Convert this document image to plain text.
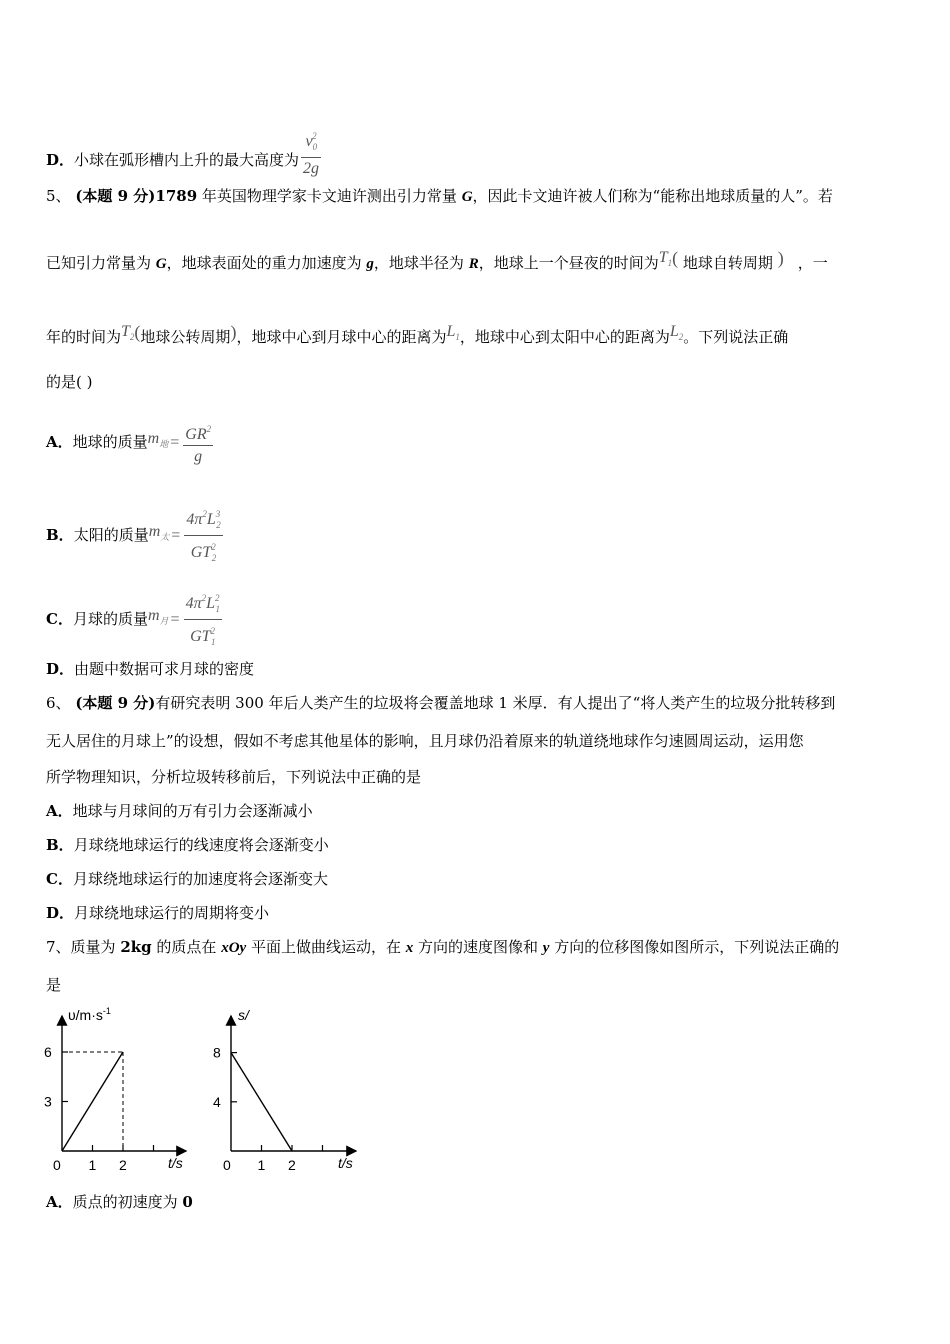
D．小球在弧形槽内上升的最大高度为 $\frac{v_0^2}{2g}$
5、 (本题 9 分)1789 年英国物理学家卡文迪许测出引力常量 G，因此卡文迪许被人们称为“能称出地球质量的人”。若
已知引力常量为 G，地球表面处的重力加速度为 g，地球半径为 R，地球上一个昼夜的时间为$T_1$( 地球自转周期 ) ，一
年的时间为$T_2$(地球公转周期)，地球中心到月球中心的距离为$L_1$，地球中心到太阳中心的距离为$L_2$。下列说法正确
的是( )
A．地球的质量$m_地 = \frac{GR^2}{g}$
B．太阳的质量$m_太 = \frac{4\pi^2L^3_2}{GT^2_2}$
C．月球的质量$m_月 = \frac{4\pi^2L^2_1}{GT^2_1}$
D．由题中数据可求月球的密度
6、 (本题 9 分)有研究表明 300 年后人类产生的垃圾将会覆盖地球 1 米厚．有人提出了“将人类产生的垃圾分批转移到
无人居住的月球上”的设想，假如不考虑其他星体的影响，且月球仍沿着原来的轨道绕地球作匀速圆周运动，运用您
所学物理知识，分析垃圾转移前后，下列说法中正确的是
A．地球与月球间的万有引力会逐渐减小
B．月球绕地球运行的线速度将会逐渐变小
C．月球绕地球运行的加速度将会逐渐变大
D．月球绕地球运行的周期将变小
7、质量为 2kg 的质点在 xOy 平面上做曲线运动，在 x 方向的速度图像和 y 方向的位移图像如图所示，下列说法正确的
是
1 2
3
6
$\upsilon/m\cdot s^{-1}$
t/s
0	1 2
4
8
s/
t/s
0
A．质点的初速度为 0
